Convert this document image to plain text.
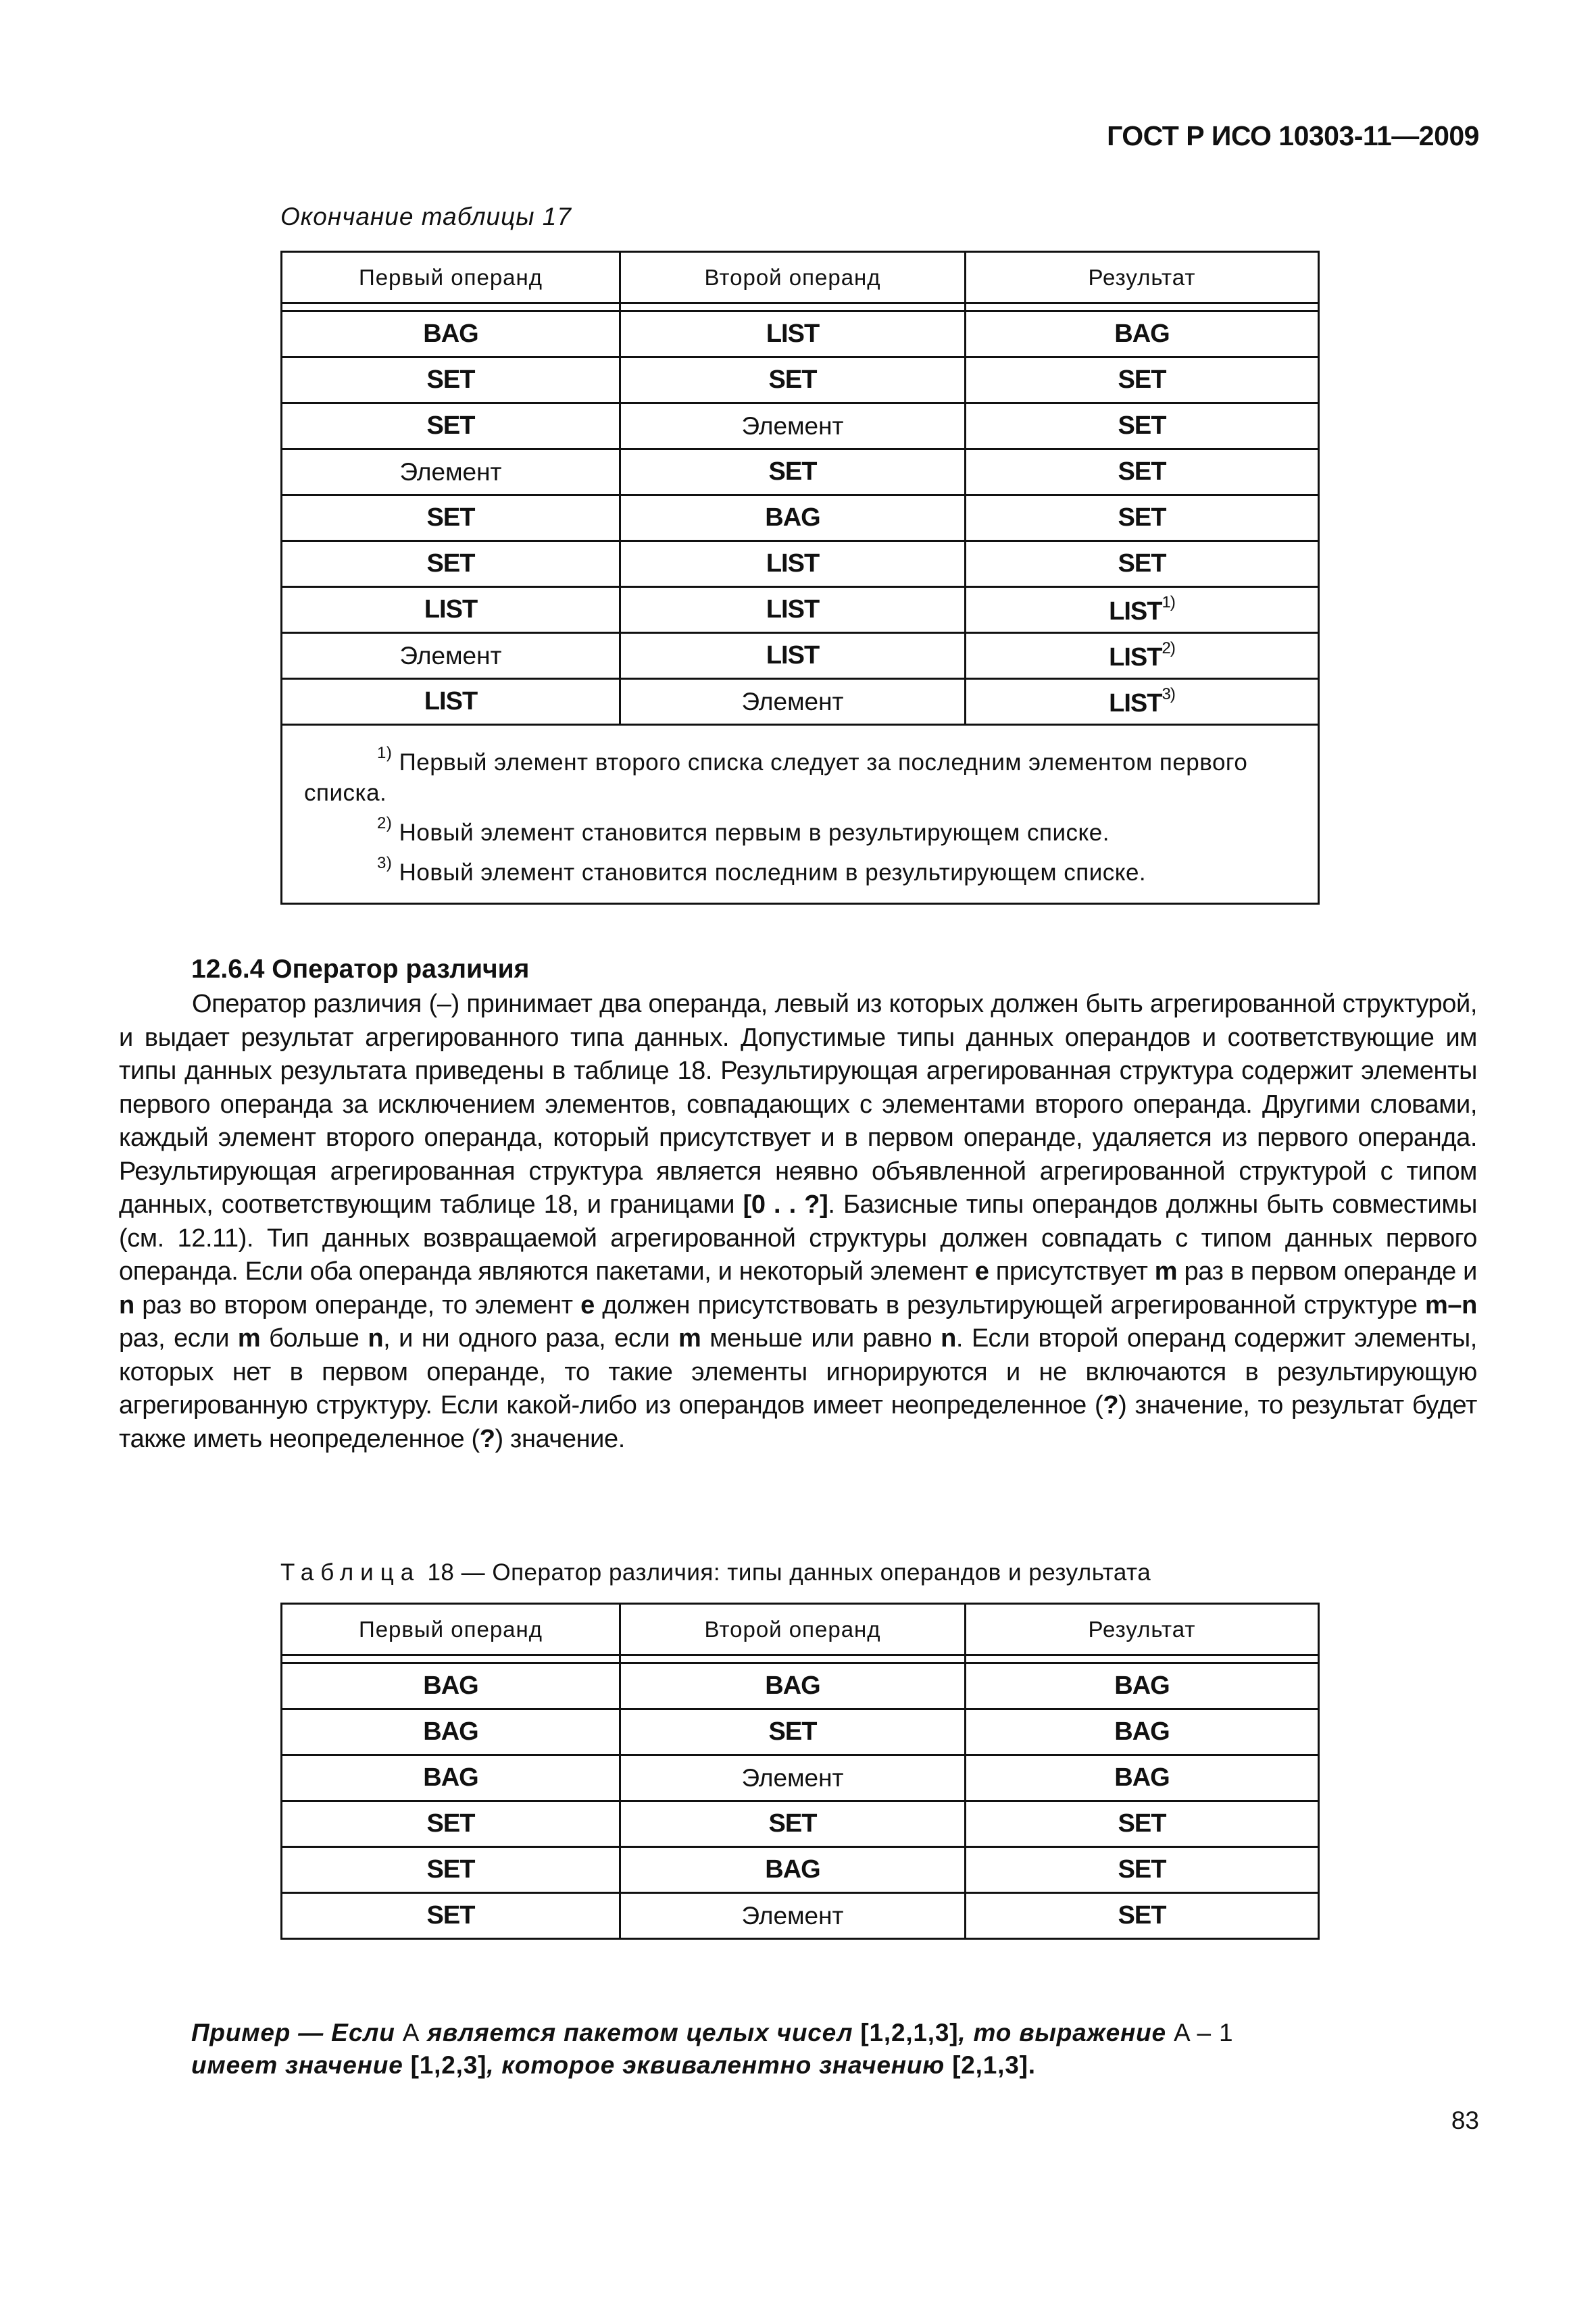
ГОСТ Р ИСО 10303-11—2009
Окончание таблицы 17
Первый операнд	Второй операнд	Результат

BAG	LIST	BAG
SET	SET	SET
SET	Элемент	SET
Элемент	SET	SET
SET	BAG	SET
SET	LIST	SET
LIST	LIST	LIST$^{1)}$
Элемент	LIST	LIST$^{2)}$
LIST	Элемент	LIST$^{3)}$

$^{1)}$ Первый элемент второго списка следует за последним элементом первого
списка.
$^{2)}$ Новый элемент становится первым в результирующем списке.
$^{3)}$ Новый элемент становится последним в результирующем списке.		
12.6.4 Оператор различия
Оператор различия (–) принимает два операнда, левый из которых должен быть агрегированной структурой, и выдает результат агрегированного типа данных. Допустимые типы данных операндов и соответствующие им типы данных результата приведены в таблице 18. Результирующая агрегированная структура содержит элементы первого операнда за исключением элементов, совпадающих с элементами второго операнда. Другими словами, каждый элемент второго операнда, который присутствует и в первом операнде, удаляется из первого операнда. Результирующая агрегированная структура является неявно объявленной агрегированной структурой с типом данных, соответствующим таблице 18, и границами [0 . . ?]. Базисные типы операндов должны быть совместимы (см. 12.11). Тип данных возвращаемой агрегированной структуры должен совпадать с типом данных первого операнда. Если оба операнда являются пакетами, и некоторый элемент e присутствует m раз в первом операнде и n раз во втором операнде, то элемент e должен присутствовать в результирующей агрегированной структуре m–n раз, если m больше n, и ни одного раза, если m меньше или равно n. Если второй операнд содержит элементы, которых нет в первом операнде, то такие элементы игнорируются и не включаются в результирующую агрегированную структуру. Если какой-либо из операндов имеет неопределенное (?) значение, то результат будет также иметь неопределенное (?) значение.
Таблица 18 — Оператор различия: типы данных операндов и результата
Первый операнд	Второй операнд	Результат

BAG	BAG	BAG
BAG	SET	BAG
BAG	Элемент	BAG
SET	SET	SET
SET	BAG	SET
SET	Элемент	SET
Пример — Если A является пакетом целых чисел [1,2,1,3], то выражение A – 1
имеет значение [1,2,3], которое эквивалентно значению [2,1,3].
83
